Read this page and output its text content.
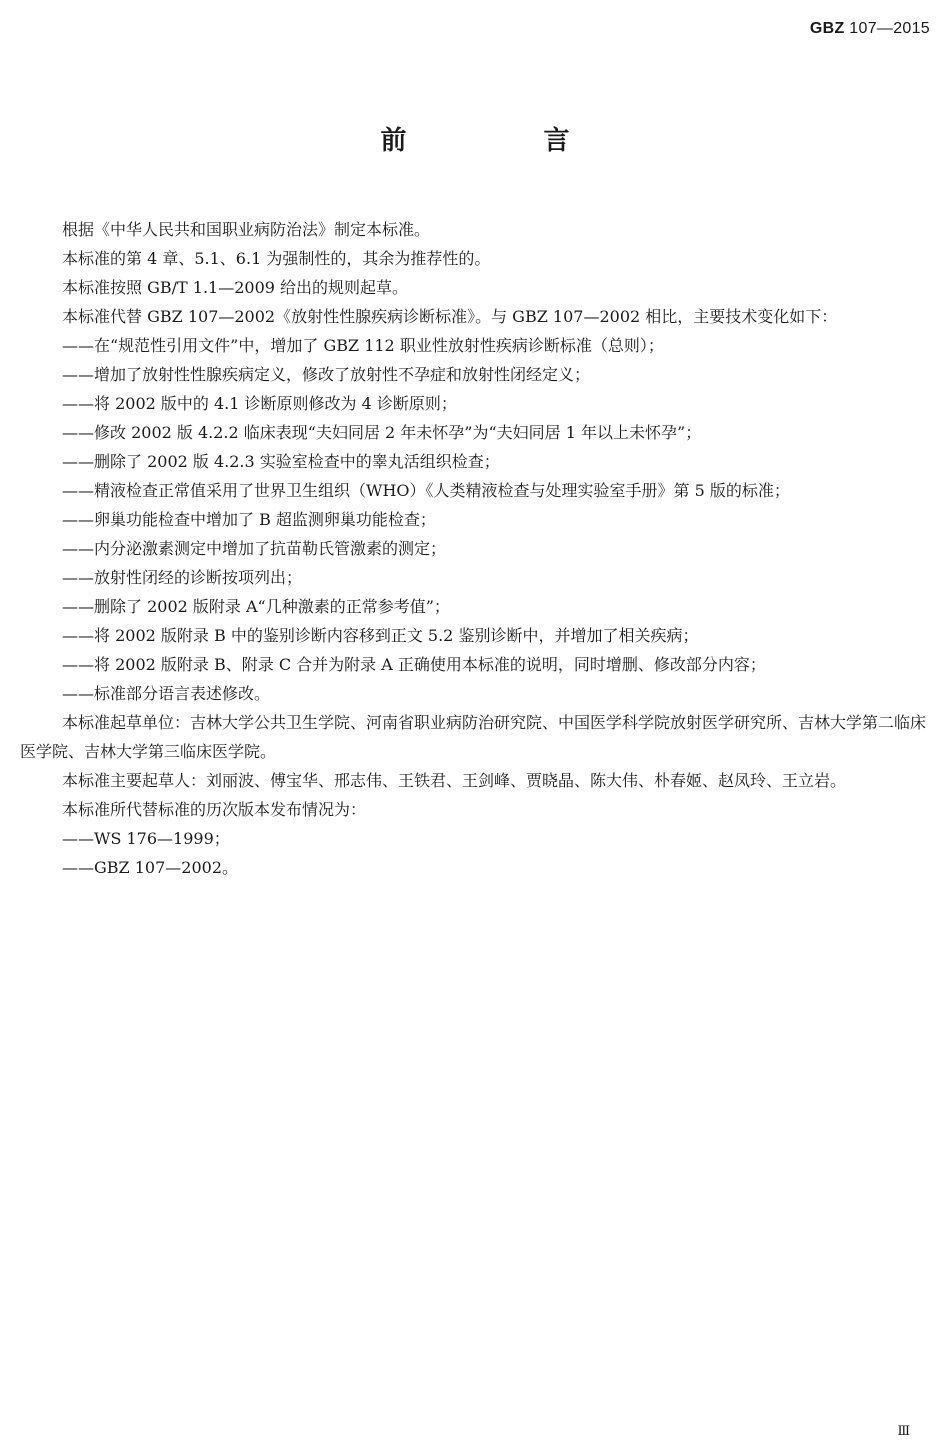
GBZ 107—2015
前 言

根据《中华人民共和国职业病防治法》制定本标准。

本标准的第 4 章、5.1、6.1 为强制性的，其余为推荐性的。

本标准按照 GB/T 1.1—2009 给出的规则起草。

本标准代替 GBZ 107—2002《放射性性腺疾病诊断标准》。与 GBZ 107—2002 相比，主要技术变化如下：

——在“规范性引用文件”中，增加了 GBZ 112 职业性放射性疾病诊断标准（总则）；

——增加了放射性性腺疾病定义，修改了放射性不孕症和放射性闭经定义；

——将 2002 版中的 4.1 诊断原则修改为 4 诊断原则；

——修改 2002 版 4.2.2 临床表现“夫妇同居 2 年未怀孕”为“夫妇同居 1 年以上未怀孕”；

——删除了 2002 版 4.2.3 实验室检查中的睾丸活组织检查；

——精液检查正常值采用了世界卫生组织（WHO）《人类精液检查与处理实验室手册》第 5 版的标准；

——卵巢功能检查中增加了 B 超监测卵巢功能检查；

——内分泌激素测定中增加了抗苗勒氏管激素的测定；

——放射性闭经的诊断按项列出；

——删除了 2002 版附录 A“几种激素的正常参考值”；

——将 2002 版附录 B 中的鉴别诊断内容移到正文 5.2 鉴别诊断中，并增加了相关疾病；

——将 2002 版附录 B、附录 C 合并为附录 A 正确使用本标准的说明，同时增删、修改部分内容；

——标准部分语言表述修改。

本标准起草单位：吉林大学公共卫生学院、河南省职业病防治研究院、中国医学科学院放射医学研究所、吉林大学第二临床医学院、吉林大学第三临床医学院。

本标准主要起草人：刘丽波、傅宝华、邢志伟、王铁君、王剑峰、贾晓晶、陈大伟、朴春姬、赵凤玲、王立岩。

本标准所代替标准的历次版本发布情况为：

——WS 176—1999；

——GBZ 107—2002。

Ⅲ
